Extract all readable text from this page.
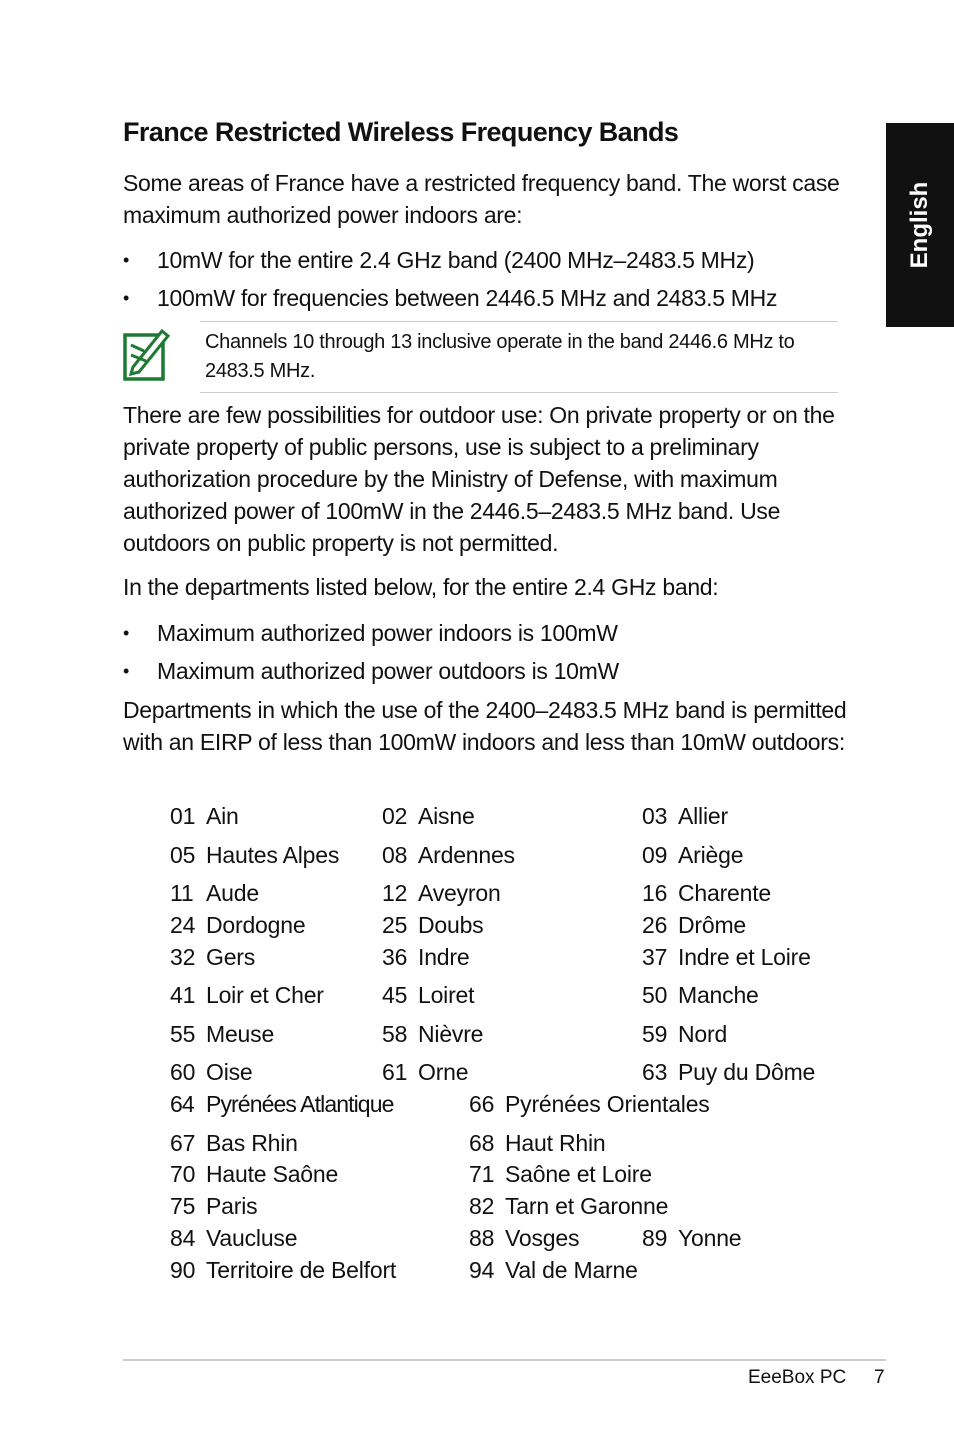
English
France Restricted Wireless Frequency Bands

Some areas of France have a restricted frequency band. The worst case maximum authorized power indoors are:

• 10mW for the entire 2.4 GHz band (2400 MHz–2483.5 MHz)
• 100mW for frequencies between 2446.5 MHz and 2483.5 MHz

Channels 10 through 13 inclusive operate in the band 2446.6 MHz to 2483.5 MHz.

There are few possibilities for outdoor use: On private property or on the private property of public persons, use is subject to a preliminary authorization procedure by the Ministry of Defense, with maximum authorized power of 100mW in the 2446.5–2483.5 MHz band. Use outdoors on public property is not permitted.

In the departments listed below, for the entire 2.4 GHz band:

• Maximum authorized power indoors is 100mW
• Maximum authorized power outdoors is 10mW

Departments in which the use of the 2400–2483.5 MHz band is permitted with an EIRP of less than 100mW indoors and less than 10mW outdoors:

01 Ain	02 Aisne	03 Allier
05 Hautes Alpes 08 Ardennes	09 Ariège
11 Aude	12 Aveyron	16 Charente
24 Dordogne	25 Doubs	26 Drôme
32 Gers	36 Indre	37 Indre et Loire
41 Loir et Cher	45 Loiret	50 Manche
55 Meuse	58 Nièvre	59 Nord
60 Oise	61 Orne	63 Puy du Dôme
64 Pyrénées Atlantique	66 Pyrénées Orientales
67 Bas Rhin	68 Haut Rhin
70 Haute Saône	71 Saône et Loire
75 Paris	82 Tarn et Garonne
84 Vaucluse	88 Vosges	89 Yonne
90 Territoire de Belfort	94 Val de Marne
EeeBox PC 7
